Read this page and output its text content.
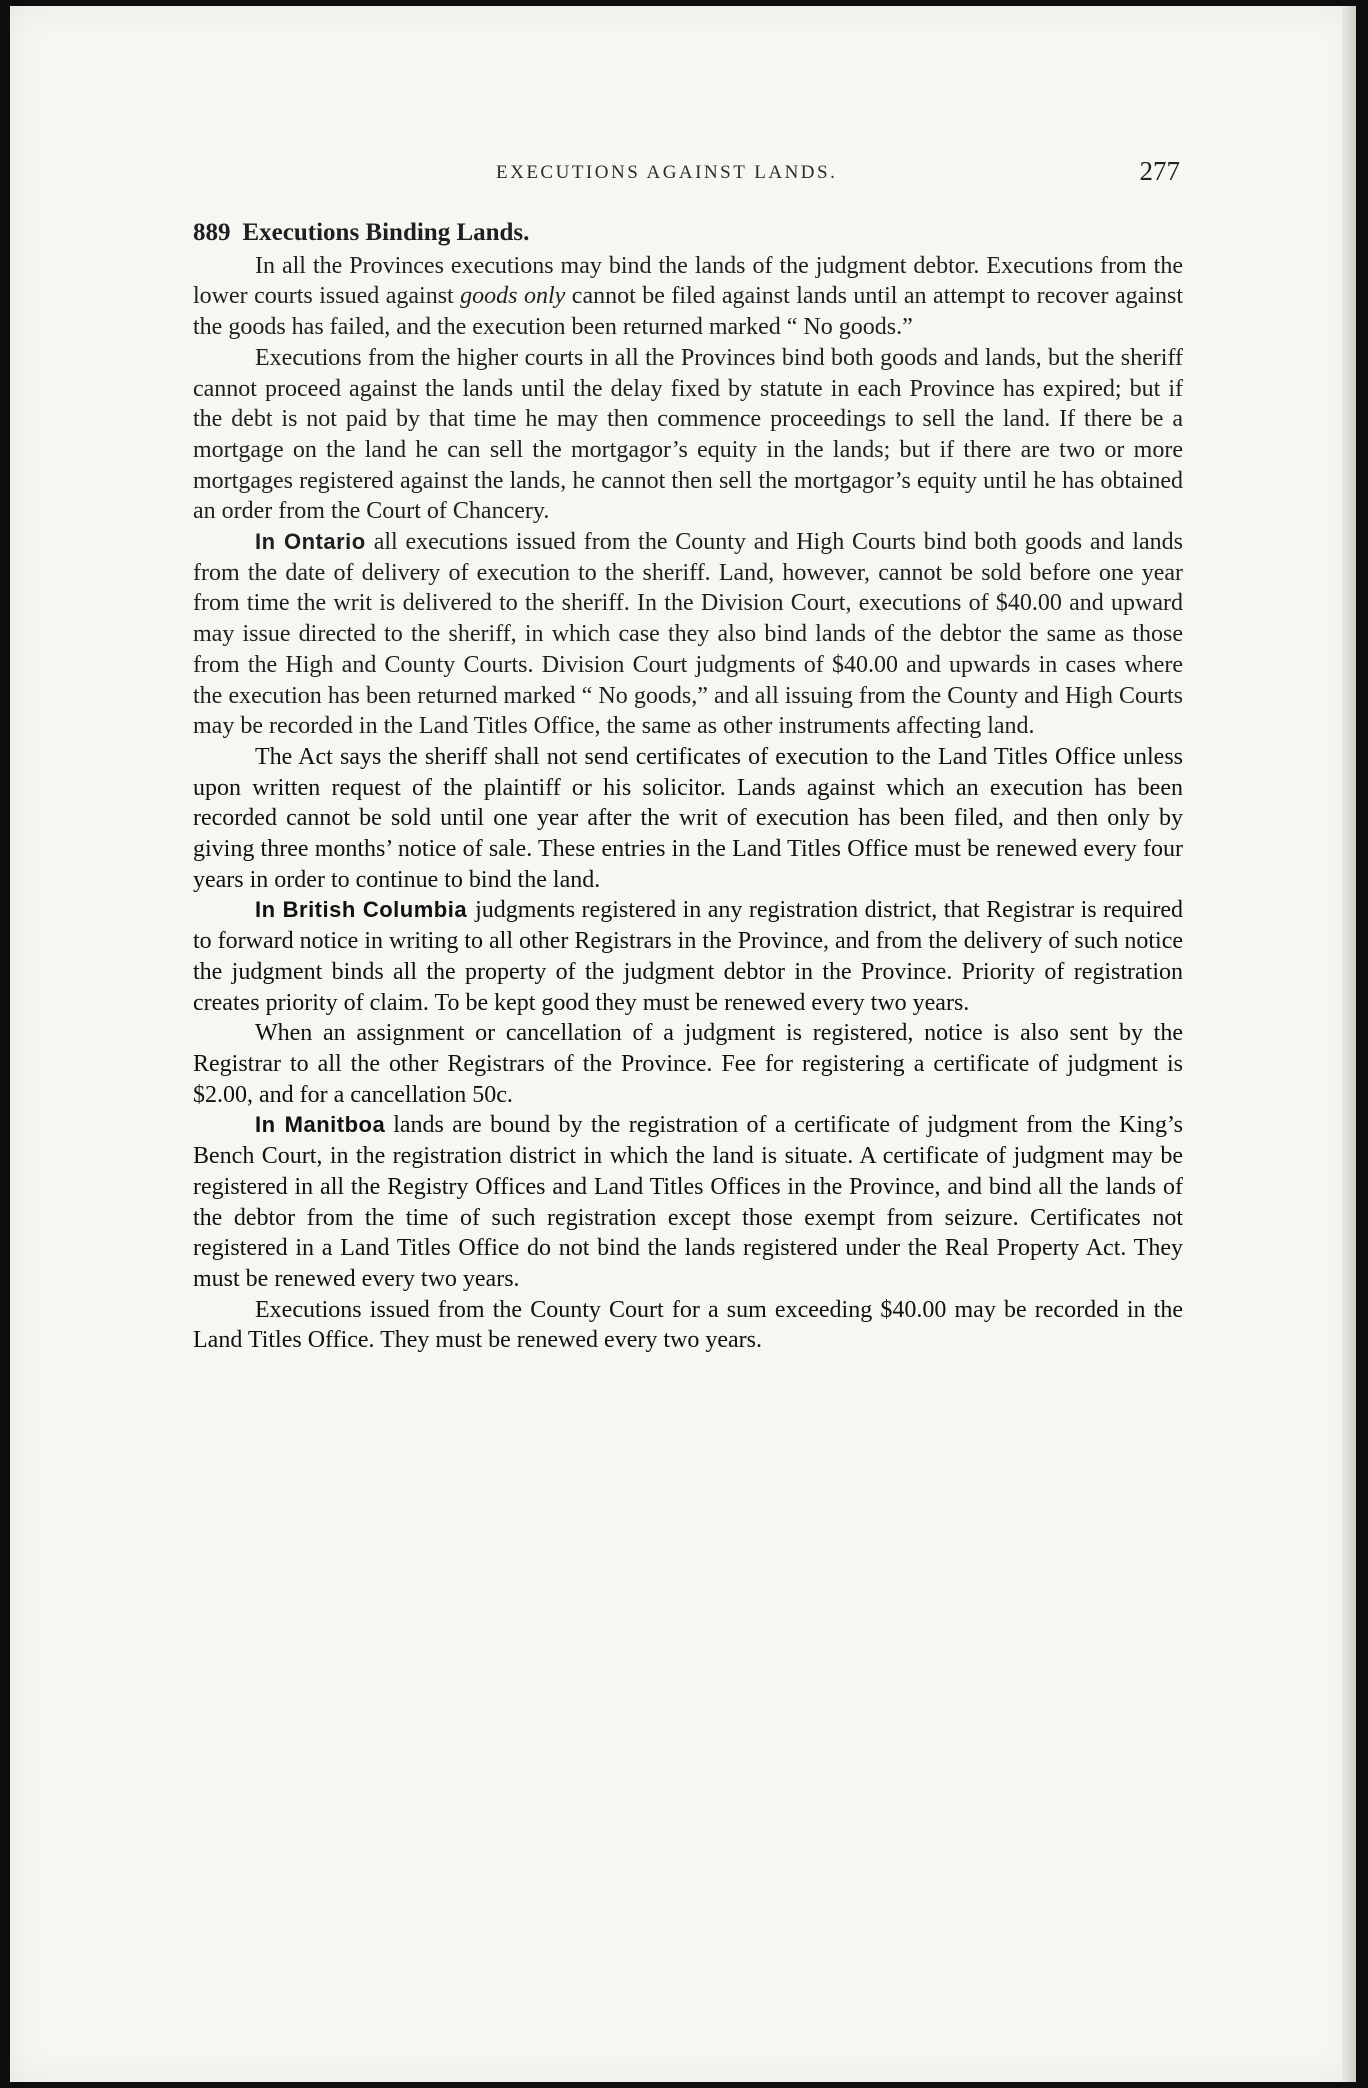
EXECUTIONS AGAINST LANDS.	277
889 Executions Binding Lands.

In all the Provinces executions may bind the lands of the judgment debtor. Executions from the lower courts issued against goods only cannot be filed against lands until an attempt to recover against the goods has failed, and the execution been returned marked “ No goods.”

Executions from the higher courts in all the Provinces bind both goods and lands, but the sheriff cannot proceed against the lands until the delay fixed by statute in each Province has expired; but if the debt is not paid by that time he may then commence proceedings to sell the land. If there be a mortgage on the land he can sell the mortgagor’s equity in the lands; but if there are two or more mortgages registered against the lands, he cannot then sell the mortgagor’s equity until he has obtained an order from the Court of Chancery.

In Ontario all executions issued from the County and High Courts bind both goods and lands from the date of delivery of execution to the sheriff. Land, however, cannot be sold before one year from time the writ is delivered to the sheriff. In the Division Court, executions of $40.00 and upward may issue directed to the sheriff, in which case they also bind lands of the debtor the same as those from the High and County Courts. Division Court judgments of $40.00 and upwards in cases where the execution has been returned marked “ No goods,” and all issuing from the County and High Courts may be recorded in the Land Titles Office, the same as other instruments affecting land.

The Act says the sheriff shall not send certificates of execution to the Land Titles Office unless upon written request of the plaintiff or his solicitor. Lands against which an execution has been recorded cannot be sold until one year after the writ of execution has been filed, and then only by giving three months’ notice of sale. These entries in the Land Titles Office must be renewed every four years in order to continue to bind the land.

In British Columbia judgments registered in any registration district, that Registrar is required to forward notice in writing to all other Registrars in the Province, and from the delivery of such notice the judgment binds all the property of the judgment debtor in the Province. Priority of registration creates priority of claim. To be kept good they must be renewed every two years.

When an assignment or cancellation of a judgment is registered, notice is also sent by the Registrar to all the other Registrars of the Province. Fee for registering a certificate of judgment is $2.00, and for a cancellation 50c.

In Manitboa lands are bound by the registration of a certificate of judgment from the King’s Bench Court, in the registration district in which the land is situate. A certificate of judgment may be registered in all the Registry Offices and Land Titles Offices in the Province, and bind all the lands of the debtor from the time of such registration except those exempt from seizure. Certificates not registered in a Land Titles Office do not bind the lands registered under the Real Property Act. They must be renewed every two years.

Executions issued from the County Court for a sum exceeding $40.00 may be recorded in the Land Titles Office. They must be renewed every two years.
